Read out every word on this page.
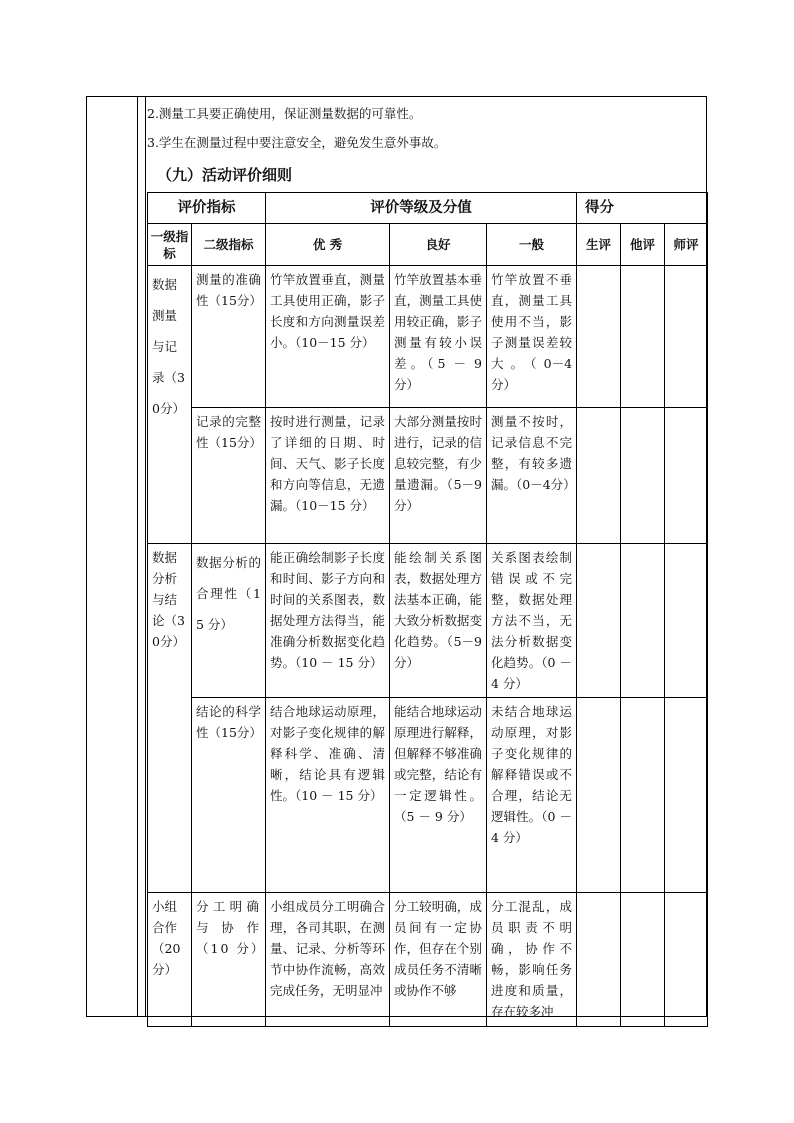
2.测量工具要正确使用，保证测量数据的可靠性。
3.学生在测量过程中要注意安全，避免发生意外事故。
（九）活动评价细则
评价指标		评价等级及分值			得分		
一级指标	二级指标	优 秀	良好	一般	生评	他评	师评
数据测量与记录（30分）	测量的准确性（15分）	竹竿放置垂直，测量工具使用正确，影子长度和方向测量误差小。（10－15 分）	竹竿放置基本垂直，测量工具使用较正确，影子测量有较小误差。（5 － 9 分）	竹竿放置不垂直，测量工具使用不当，影子测量误差较大。（0－4 分）			
	记录的完整性（15分）	按时进行测量，记录了详细的日期、时间、天气、影子长度和方向等信息，无遗漏。（10－15 分）	大部分测量按时进行，记录的信息较完整，有少量遗漏。（5－9分）	测量不按时，记录信息不完整，有较多遗漏。（0－4分）			
数据分析与结论（30分）	数据分析的合理性（15 分）	能正确绘制影子长度和时间、影子方向和时间的关系图表，数据处理方法得当，能准确分析数据变化趋势。（10 － 15 分）	能绘制关系图表，数据处理方法基本正确，能大致分析数据变化趋势。（5－9 分）	关系图表绘制错误或不完整，数据处理方法不当，无法分析数据变化趋势。（0 － 4 分）			
	结论的科学性（15分）	结合地球运动原理，对影子变化规律的解释科学、准确、清晰，结论具有逻辑性。（10 － 15 分）	能结合地球运动原理进行解释，但解释不够准确或完整，结论有一定逻辑性。（5 － 9 分）	未结合地球运动原理，对影子变化规律的解释错误或不合理，结论无逻辑性。（0 － 4 分）			
小组合作（20分）	分工明确与协作（10 分）	小组成员分工明确合理，各司其职，在测量、记录、分析等环节中协作流畅，高效完成任务，无明显冲	分工较明确，成员间有一定协作，但存在个别成员任务不清晰或协作不够	分工混乱，成员职责不明确，协作不畅，影响任务进度和质量，存在较多冲			
